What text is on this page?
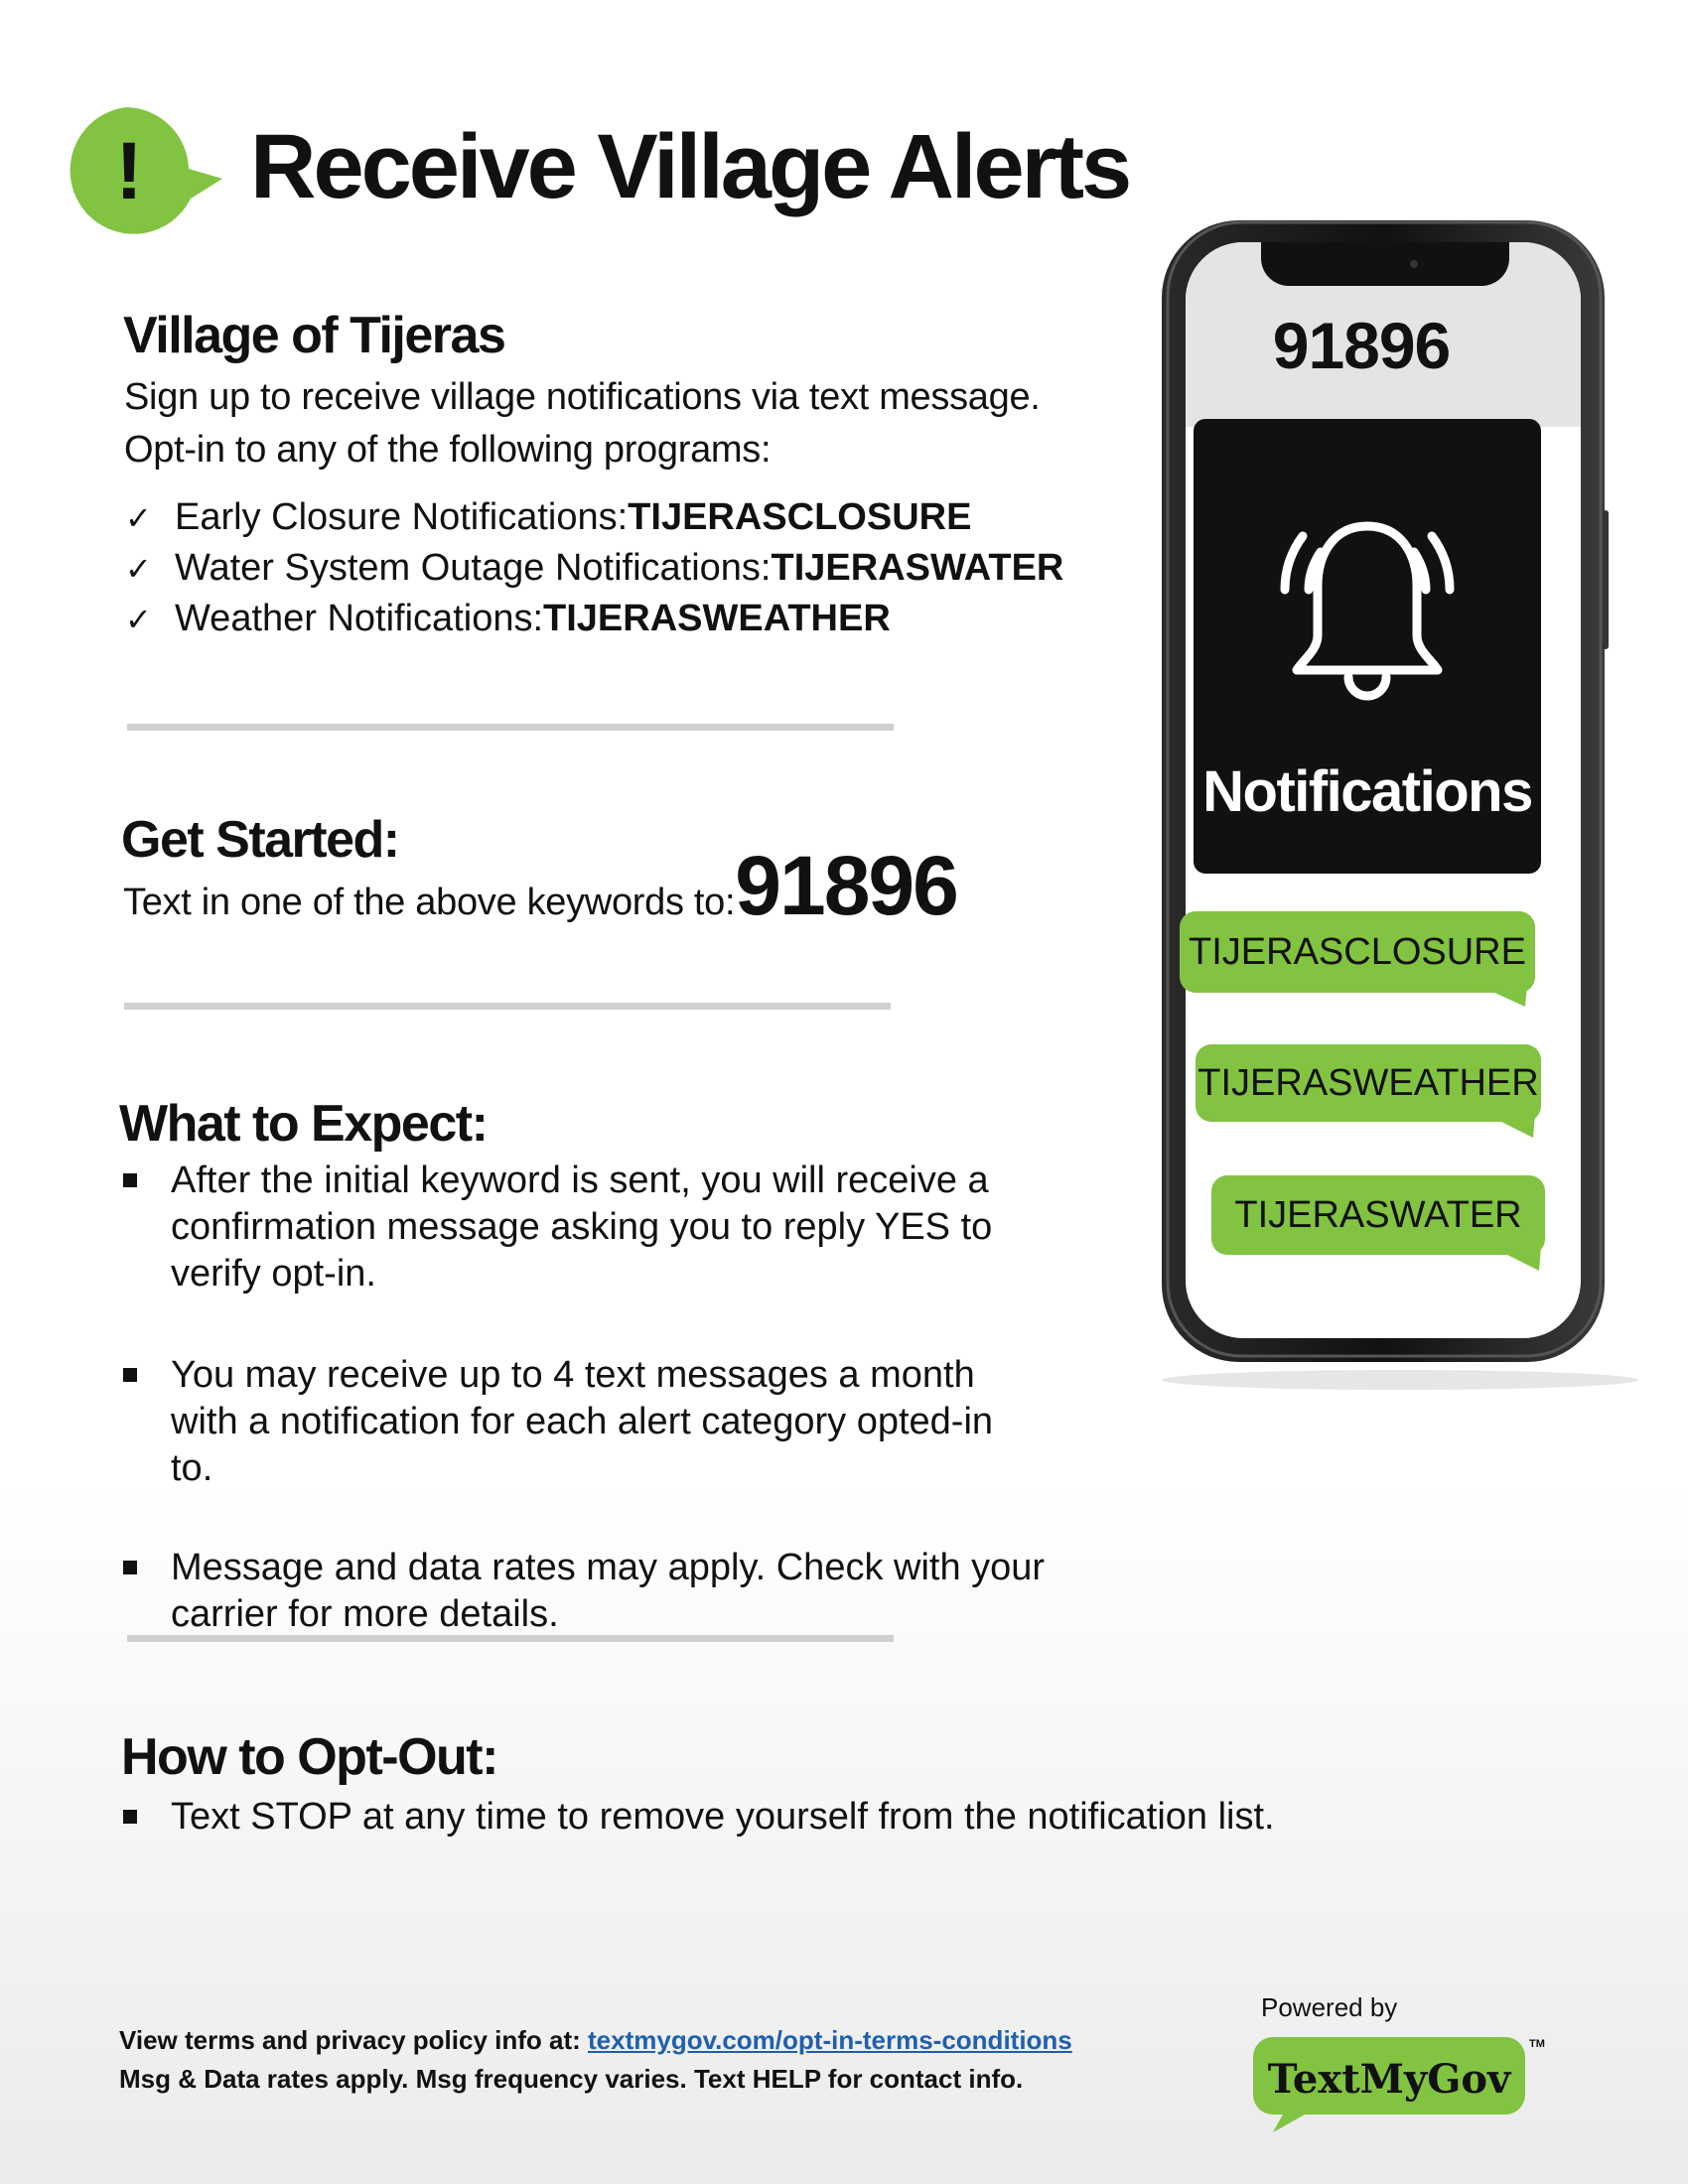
! Receive Village Alerts
Village of Tijeras
Sign up to receive village notifications via text message.
Opt-in to any of the following programs:
✓ Early Closure Notifications: TIJERASCLOSURE
✓ Water System Outage Notifications: TIJERASWATER
✓ Weather Notifications: TIJERASWEATHER
Get Started:
Text in one of the above keywords to: 91896
What to Expect:
After the initial keyword is sent, you will receive a
confirmation message asking you to reply YES to
verify opt-in.
You may receive up to 4 text messages a month
with a notification for each alert category opted-in
to.
Message and data rates may apply. Check with your
carrier for more details.
How to Opt-Out:
Text STOP at any time to remove yourself from the notification list.
91896
Notifications
TIJERASCLOSURE
TIJERASWEATHER
TIJERASWATER
View terms and privacy policy info at: textmygov.com/opt-in-terms-conditions
Msg & Data rates apply. Msg frequency varies. Text HELP for contact info.
Powered by
TextMyGov
TM
